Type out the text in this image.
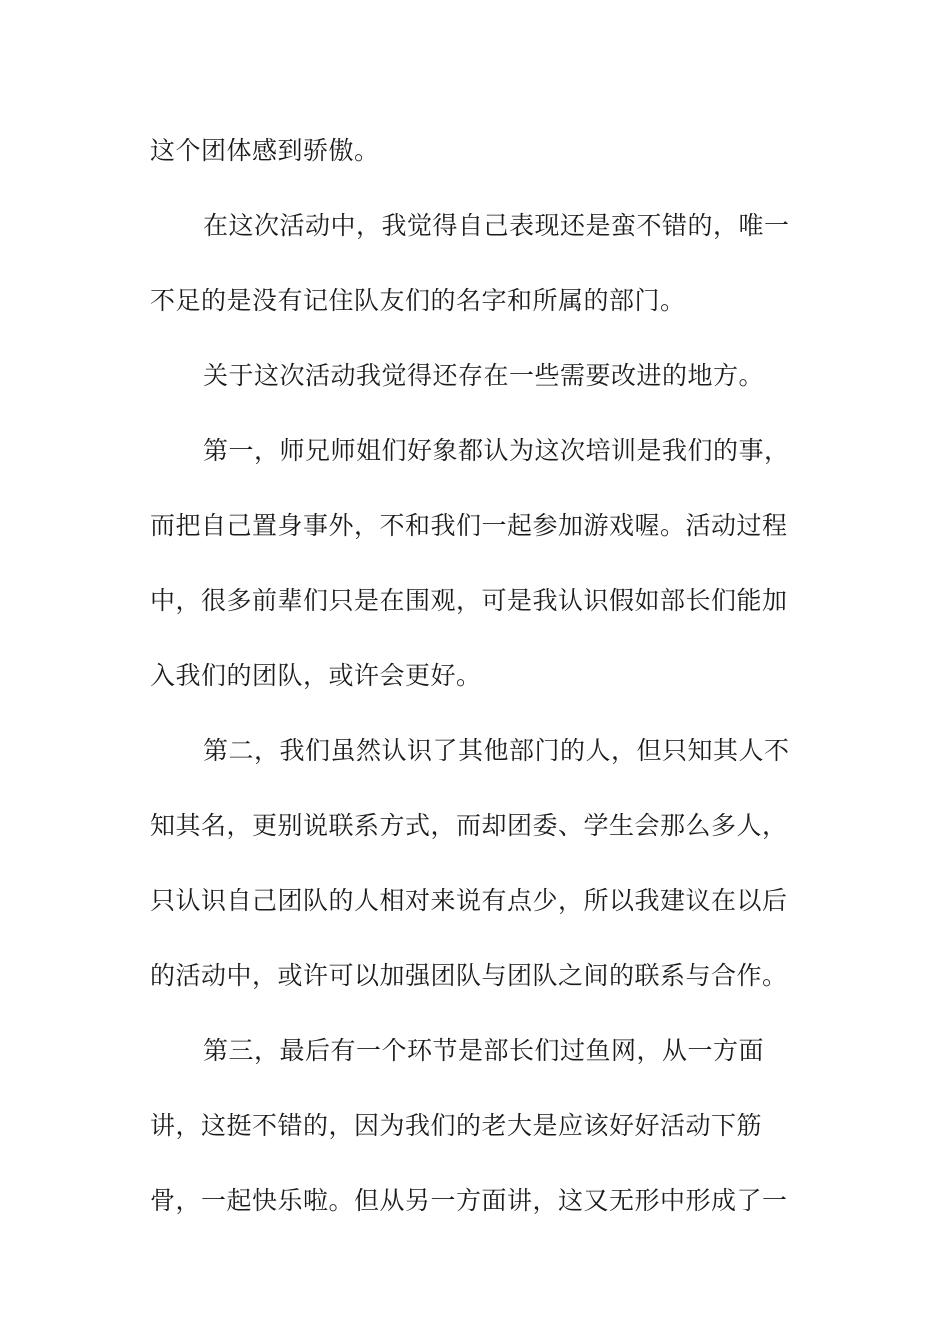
这个团体感到骄傲。
在这次活动中，我觉得自己表现还是蛮不错的，唯一
不足的是没有记住队友们的名字和所属的部门。
关于这次活动我觉得还存在一些需要改进的地方。
第一，师兄师姐们好象都认为这次培训是我们的事，
而把自己置身事外，不和我们一起参加游戏喔。活动过程
中，很多前辈们只是在围观，可是我认识假如部长们能加
入我们的团队，或许会更好。
第二，我们虽然认识了其他部门的人，但只知其人不
知其名，更别说联系方式，而却团委、学生会那么多人，
只认识自己团队的人相对来说有点少，所以我建议在以后
的活动中，或许可以加强团队与团队之间的联系与合作。
第三，最后有一个环节是部长们过鱼网，从一方面
讲，这挺不错的，因为我们的老大是应该好好活动下筋
骨，一起快乐啦。但从另一方面讲，这又无形中形成了一
